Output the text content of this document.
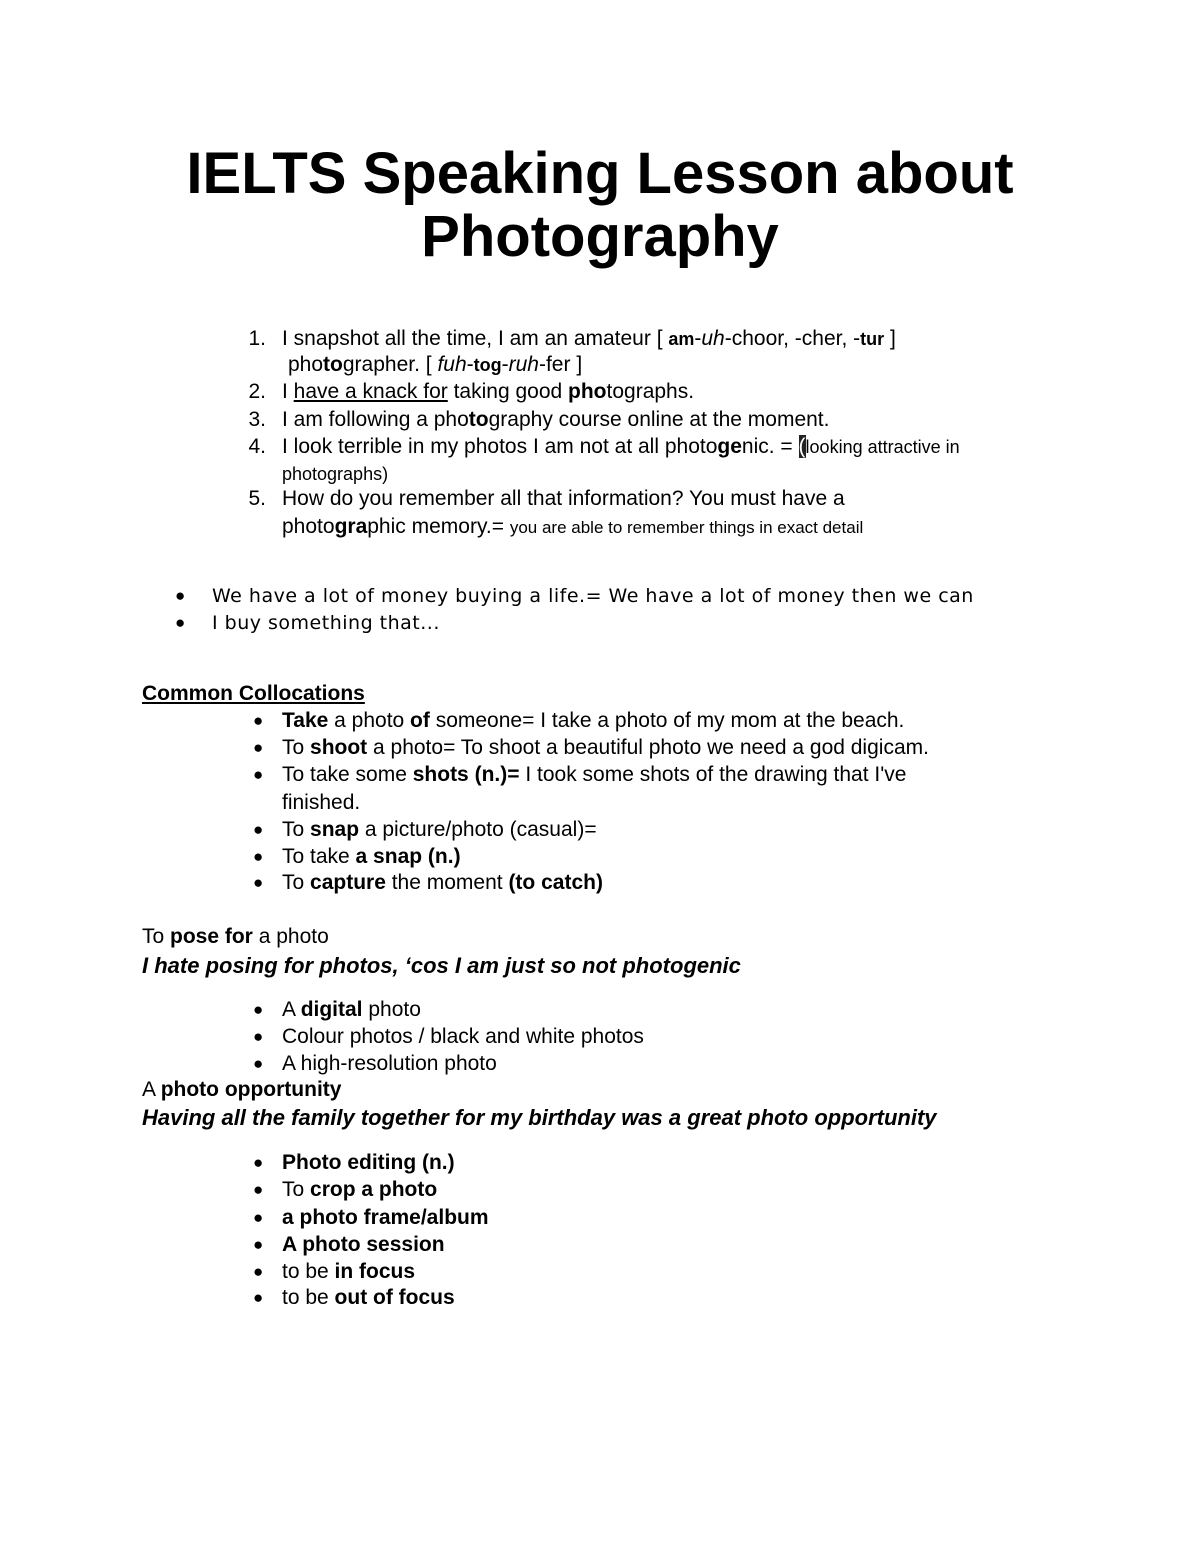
IELTS Speaking Lesson about
Photography
1. I snapshot all the time, I am an amateur [ am-uh-choor, -cher, -tur ]
photographer. [ fuh-tog-ruh-fer ]
2. I have a knack for taking good photographs.
3. I am following a photography course online at the moment.
4. I look terrible in my photos I am not at all photogenic. = (looking attractive in
photographs)
5. How do you remember all that information? You must have a
photographic memory.= you are able to remember things in exact detail
● We have a lot of money buying a life.= We have a lot of money then we can
● I buy something that...
Common Collocations
● Take a photo of someone= I take a photo of my mom at the beach.
● To shoot a photo= To shoot a beautiful photo we need a god digicam.
● To take some shots (n.)= I took some shots of the drawing that I've
finished.
● To snap a picture/photo (casual)=
● To take a snap (n.)
● To capture the moment (to catch)
To pose for a photo
I hate posing for photos, ‘cos I am just so not photogenic
● A digital photo
● Colour photos / black and white photos
● A high-resolution photo
A photo opportunity
Having all the family together for my birthday was a great photo opportunity
● Photo editing (n.)
● To crop a photo
● a photo frame/album
● A photo session
● to be in focus
● to be out of focus
